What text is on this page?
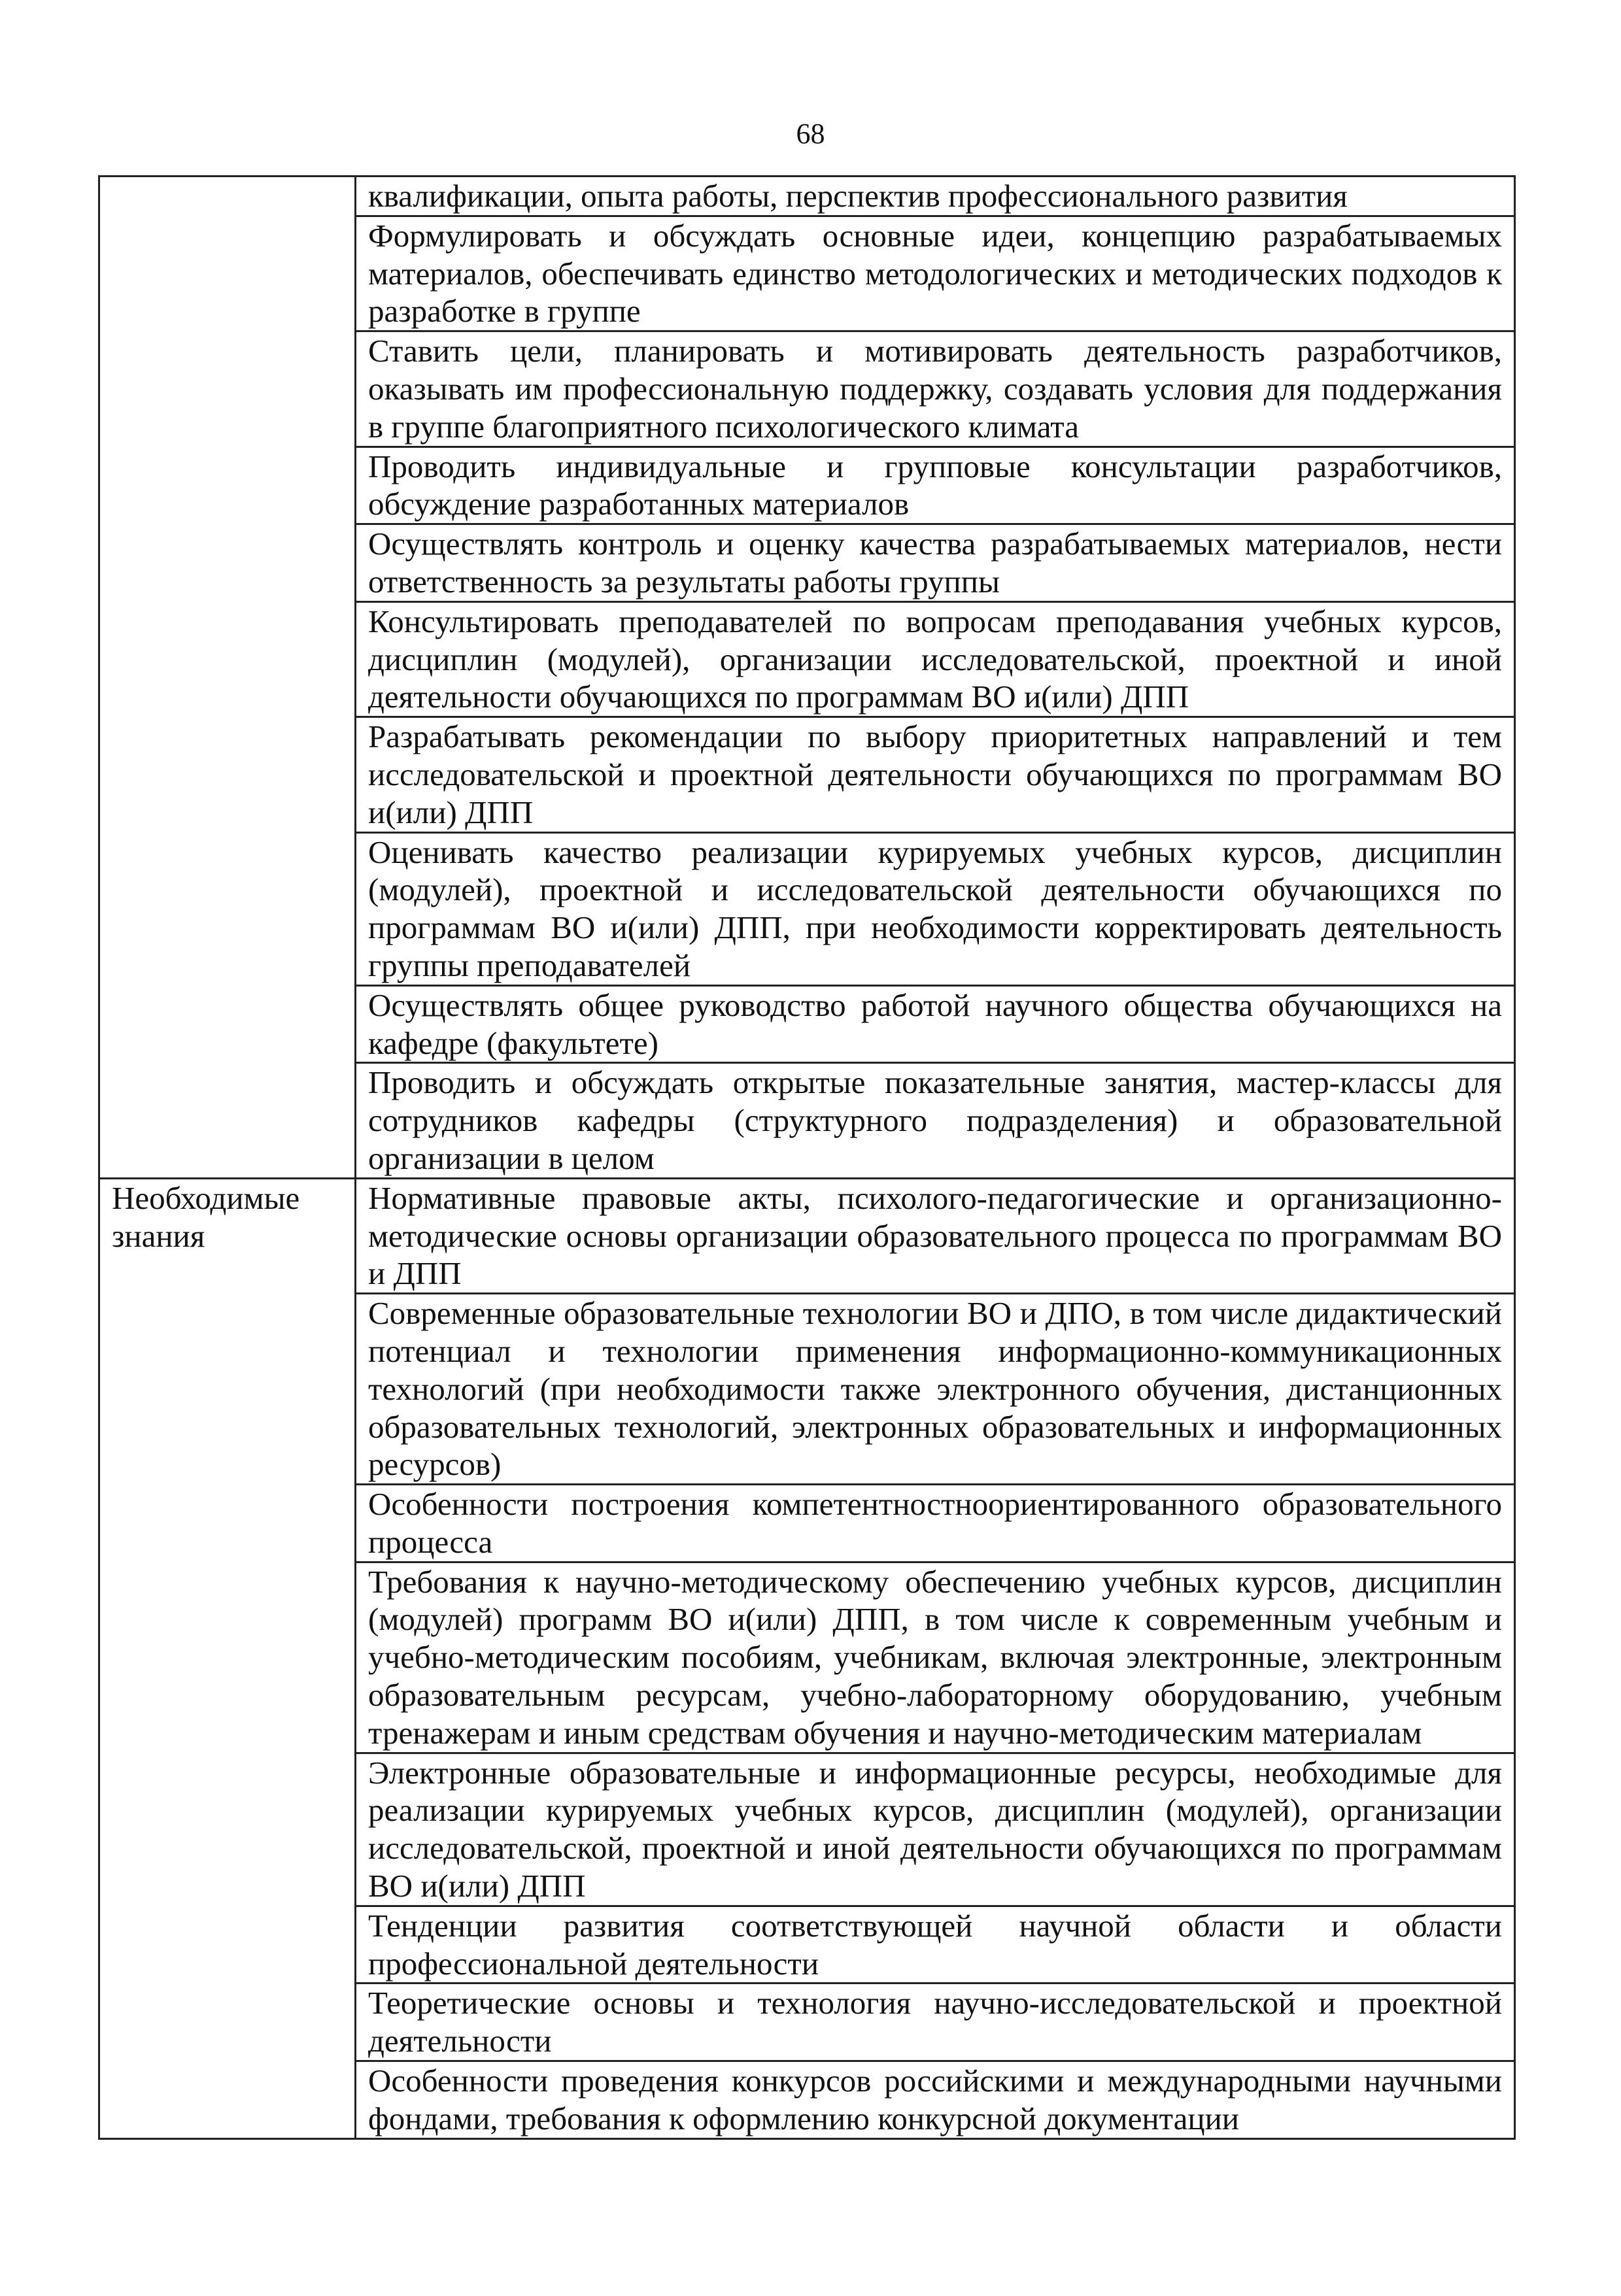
68
	квалификации, опыта работы, перспектив профессионального развития
	Формулировать и обсуждать основные идеи, концепцию разрабатываемых материалов, обеспечивать единство методологических и методических подходов к разработке в группе
	Ставить цели, планировать и мотивировать деятельность разработчиков, оказывать им профессиональную поддержку, создавать условия для поддержания в группе благоприятного психологического климата
	Проводить индивидуальные и групповые консультации разработчиков, обсуждение разработанных материалов
	Осуществлять контроль и оценку качества разрабатываемых материалов, нести ответственность за результаты работы группы
	Консультировать преподавателей по вопросам преподавания учебных курсов, дисциплин (модулей), организации исследовательской, проектной и иной деятельности обучающихся по программам ВО и(или) ДПП
	Разрабатывать рекомендации по выбору приоритетных направлений и тем исследовательской и проектной деятельности обучающихся по программам ВО и(или) ДПП
	Оценивать качество реализации курируемых учебных курсов, дисциплин (модулей), проектной и исследовательской деятельности обучающихся по программам ВО и(или) ДПП, при необходимости корректировать деятельность группы преподавателей
	Осуществлять общее руководство работой научного общества обучающихся на кафедре (факультете)
	Проводить и обсуждать открытые показательные занятия, мастер-классы для сотрудников кафедры (структурного подразделения) и образовательной организации в целом
Необходимые знания	Нормативные правовые акты, психолого-педагогические и организационно-методические основы организации образовательного процесса по программам ВО и ДПП
	Современные образовательные технологии ВО и ДПО, в том числе дидактический потенциал и технологии применения информационно-коммуникационных технологий (при необходимости также электронного обучения, дистанционных образовательных технологий, электронных образовательных и информационных ресурсов)
	Особенности построения компетентностноориентированного образовательного процесса
	Требования к научно-методическому обеспечению учебных курсов, дисциплин (модулей) программ ВО и(или) ДПП, в том числе к современным учебным и учебно-методическим пособиям, учебникам, включая электронные, электронным образовательным ресурсам, учебно-лабораторному оборудованию, учебным тренажерам и иным средствам обучения и научно-методическим материалам
	Электронные образовательные и информационные ресурсы, необходимые для реализации курируемых учебных курсов, дисциплин (модулей), организации исследовательской, проектной и иной деятельности обучающихся по программам ВО и(или) ДПП
	Тенденции развития соответствующей научной области и области профессиональной деятельности
	Теоретические основы и технология научно-исследовательской и проектной деятельности
	Особенности проведения конкурсов российскими и международными научными фондами, требования к оформлению конкурсной документации
